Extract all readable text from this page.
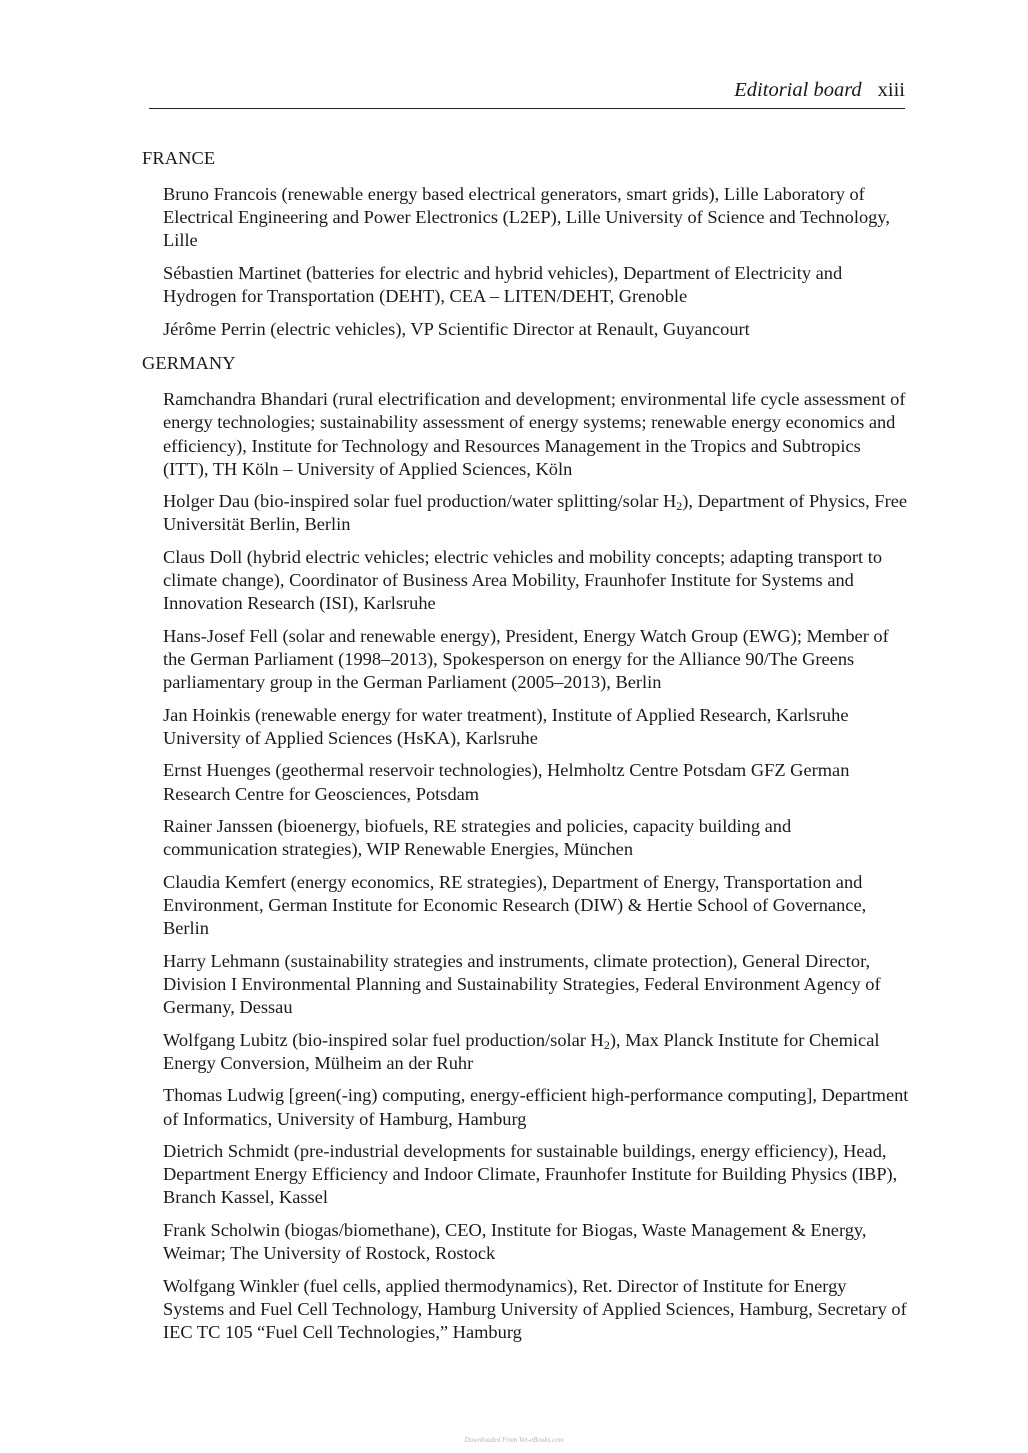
Editorial board xiii
FRANCE
Bruno Francois (renewable energy based electrical generators, smart grids), Lille Laboratory of Electrical Engineering and Power Electronics (L2EP), Lille University of Science and Technology, Lille
Sébastien Martinet (batteries for electric and hybrid vehicles), Department of Electricity and Hydrogen for Transportation (DEHT), CEA – LITEN/DEHT, Grenoble
Jérôme Perrin (electric vehicles), VP Scientific Director at Renault, Guyancourt
GERMANY
Ramchandra Bhandari (rural electrification and development; environmental life cycle assessment of energy technologies; sustainability assessment of energy systems; renewable energy economics and efficiency), Institute for Technology and Resources Management in the Tropics and Subtropics (ITT), TH Köln – University of Applied Sciences, Köln
Holger Dau (bio-inspired solar fuel production/water splitting/solar $H_2$), Department of Physics, Free Universität Berlin, Berlin
Claus Doll (hybrid electric vehicles; electric vehicles and mobility concepts; adapting transport to climate change), Coordinator of Business Area Mobility, Fraunhofer Institute for Systems and Innovation Research (ISI), Karlsruhe
Hans-Josef Fell (solar and renewable energy), President, Energy Watch Group (EWG); Member of the German Parliament (1998–2013), Spokesperson on energy for the Alliance 90/The Greens parliamentary group in the German Parliament (2005–2013), Berlin
Jan Hoinkis (renewable energy for water treatment), Institute of Applied Research, Karlsruhe University of Applied Sciences (HsKA), Karlsruhe
Ernst Huenges (geothermal reservoir technologies), Helmholtz Centre Potsdam GFZ German Research Centre for Geosciences, Potsdam
Rainer Janssen (bioenergy, biofuels, RE strategies and policies, capacity building and communication strategies), WIP Renewable Energies, München
Claudia Kemfert (energy economics, RE strategies), Department of Energy, Transportation and Environment, German Institute for Economic Research (DIW) & Hertie School of Governance, Berlin
Harry Lehmann (sustainability strategies and instruments, climate protection), General Director, Division I Environmental Planning and Sustainability Strategies, Federal Environment Agency of Germany, Dessau
Wolfgang Lubitz (bio-inspired solar fuel production/solar $H_2$), Max Planck Institute for Chemical Energy Conversion, Mülheim an der Ruhr
Thomas Ludwig [green(-ing) computing, energy-efficient high-performance computing], Department of Informatics, University of Hamburg, Hamburg
Dietrich Schmidt (pre-industrial developments for sustainable buildings, energy efficiency), Head, Department Energy Efficiency and Indoor Climate, Fraunhofer Institute for Building Physics (IBP), Branch Kassel, Kassel
Frank Scholwin (biogas/biomethane), CEO, Institute for Biogas, Waste Management & Energy, Weimar; The University of Rostock, Rostock
Wolfgang Winkler (fuel cells, applied thermodynamics), Ret. Director of Institute for Energy Systems and Fuel Cell Technology, Hamburg University of Applied Sciences, Hamburg, Secretary of IEC TC 105 “Fuel Cell Technologies,” Hamburg
Downloaded From Vet-eBooks.com
